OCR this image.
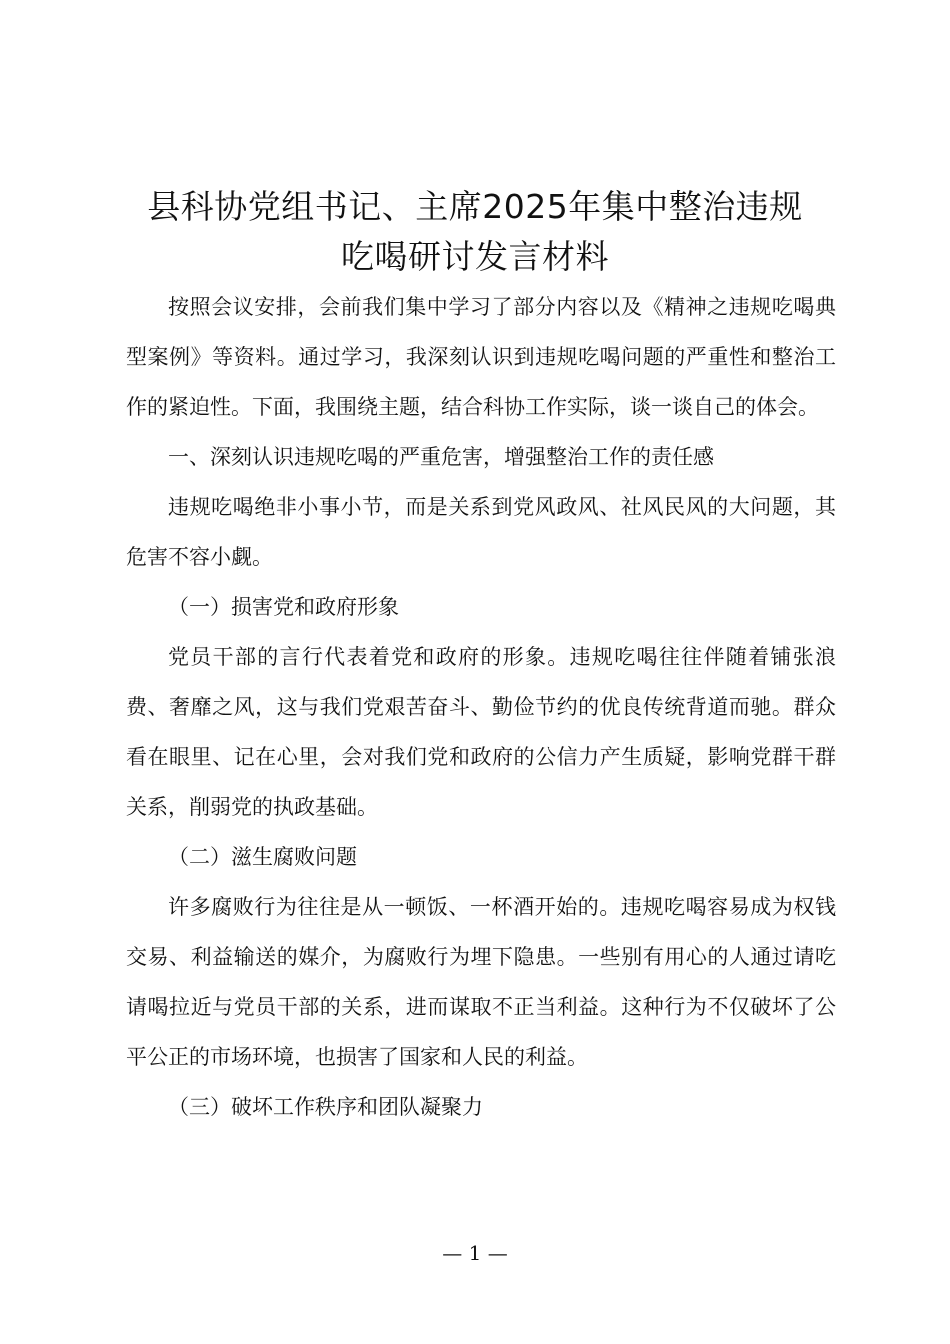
县科协党组书记、主席2025年集中整治违规
吃喝研讨发言材料

按照会议安排，会前我们集中学习了部分内容以及《精神之违规吃喝典型案例》等资料。通过学习，我深刻认识到违规吃喝问题的严重性和整治工作的紧迫性。下面，我围绕主题，结合科协工作实际，谈一谈自己的体会。

一、深刻认识违规吃喝的严重危害，增强整治工作的责任感

违规吃喝绝非小事小节，而是关系到党风政风、社风民风的大问题，其危害不容小觑。

（一）损害党和政府形象

党员干部的言行代表着党和政府的形象。违规吃喝往往伴随着铺张浪费、奢靡之风，这与我们党艰苦奋斗、勤俭节约的优良传统背道而驰。群众看在眼里、记在心里，会对我们党和政府的公信力产生质疑，影响党群干群关系，削弱党的执政基础。

（二）滋生腐败问题

许多腐败行为往往是从一顿饭、一杯酒开始的。违规吃喝容易成为权钱交易、利益输送的媒介，为腐败行为埋下隐患。一些别有用心的人通过请吃请喝拉近与党员干部的关系，进而谋取不正当利益。这种行为不仅破坏了公平公正的市场环境，也损害了国家和人民的利益。

（三）破坏工作秩序和团队凝聚力

— 1 —
